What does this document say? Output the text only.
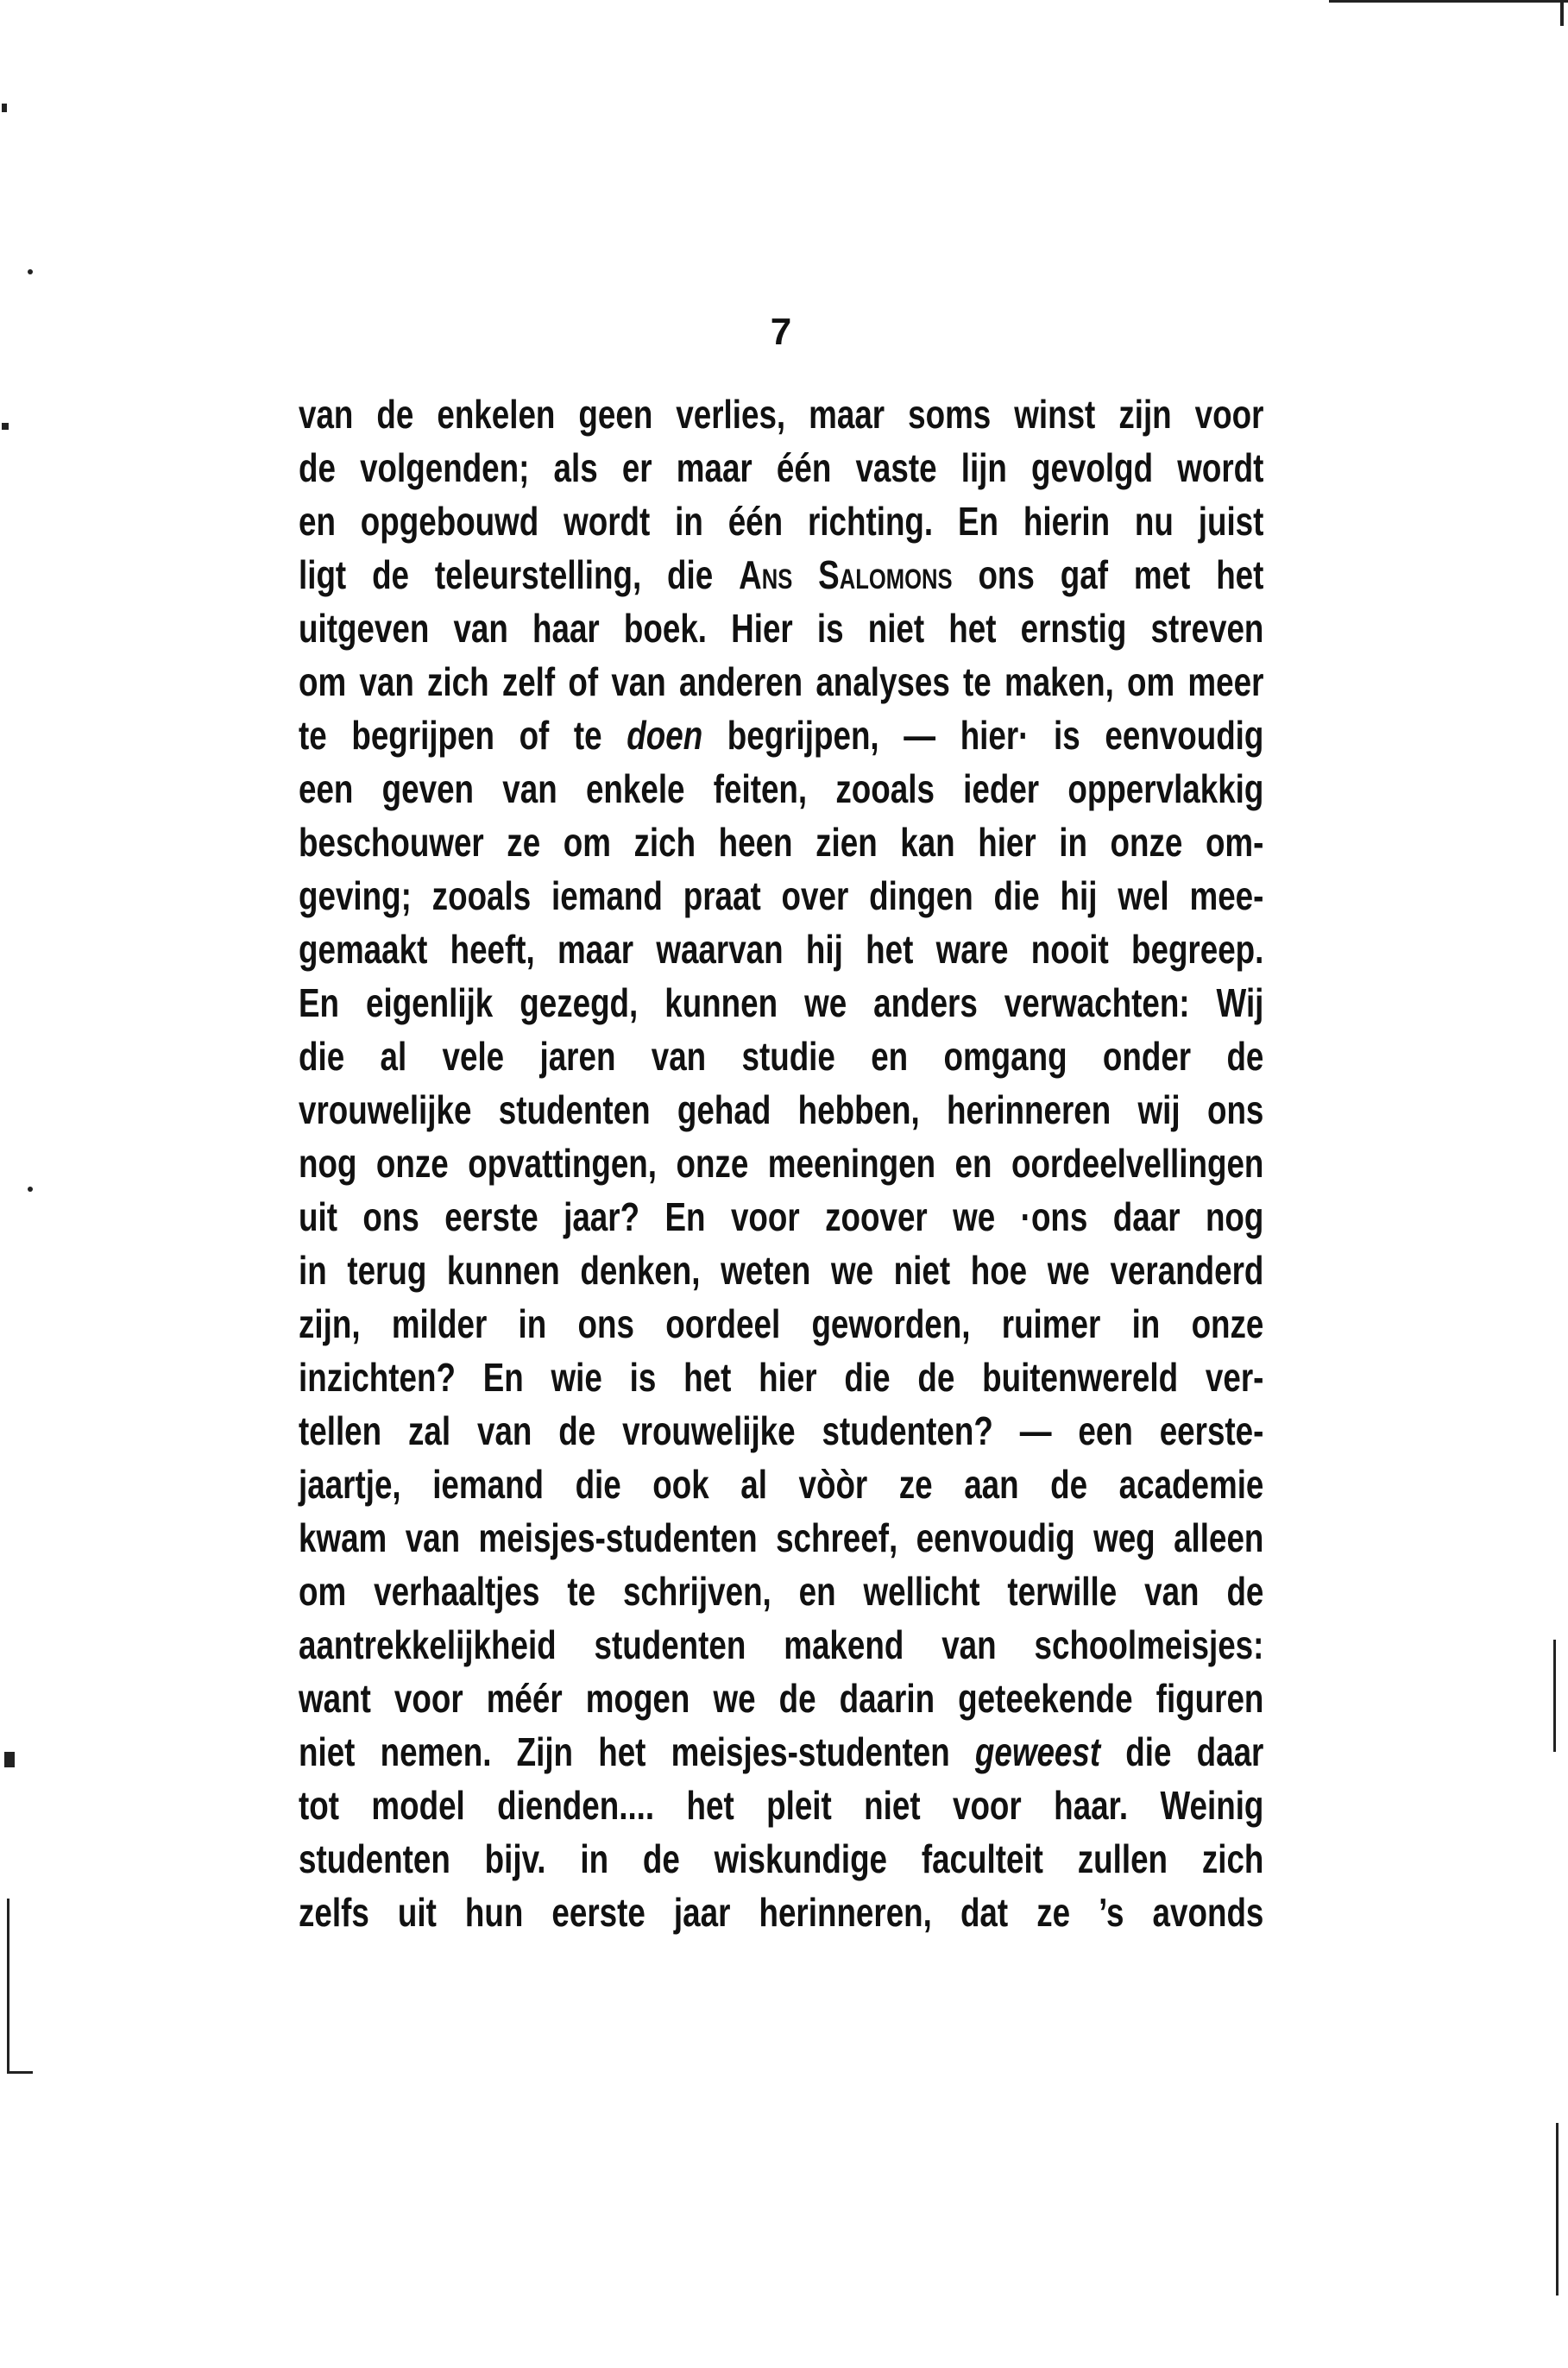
7
van de enkelen geen verlies, maar soms winst zijn voor
de volgenden; als er maar één vaste lijn gevolgd wordt
en opgebouwd wordt in één richting. En hierin nu juist
ligt de teleurstelling, die Ans Salomons ons gaf met het
uitgeven van haar boek. Hier is niet het ernstig streven
om van zich zelf of van anderen analyses te maken, om meer
te begrijpen of te doen begrijpen, — hier· is eenvoudig
een geven van enkele feiten, zooals ieder oppervlakkig
beschouwer ze om zich heen zien kan hier in onze om-
geving; zooals iemand praat over dingen die hij wel mee-
gemaakt heeft, maar waarvan hij het ware nooit begreep.
En eigenlijk gezegd, kunnen we anders verwachten: Wij
die al vele jaren van studie en omgang onder de
vrouwelijke studenten gehad hebben, herinneren wij ons
nog onze opvattingen, onze meeningen en oordeelvellingen
uit ons eerste jaar? En voor zoover we ·ons daar nog
in terug kunnen denken, weten we niet hoe we veranderd
zijn, milder in ons oordeel geworden, ruimer in onze
inzichten? En wie is het hier die de buitenwereld ver-
tellen zal van de vrouwelijke studenten? — een eerste-
jaartje, iemand die ook al vòòr ze aan de academie
kwam van meisjes-studenten schreef, eenvoudig weg alleen
om verhaaltjes te schrijven, en wellicht terwille van de
aantrekkelijkheid studenten makend van schoolmeisjes:
want voor méér mogen we de daarin geteekende figuren
niet nemen. Zijn het meisjes-studenten geweest die daar
tot model dienden.... het pleit niet voor haar. Weinig
studenten bijv. in de wiskundige faculteit zullen zich
zelfs uit hun eerste jaar herinneren, dat ze ’s avonds
